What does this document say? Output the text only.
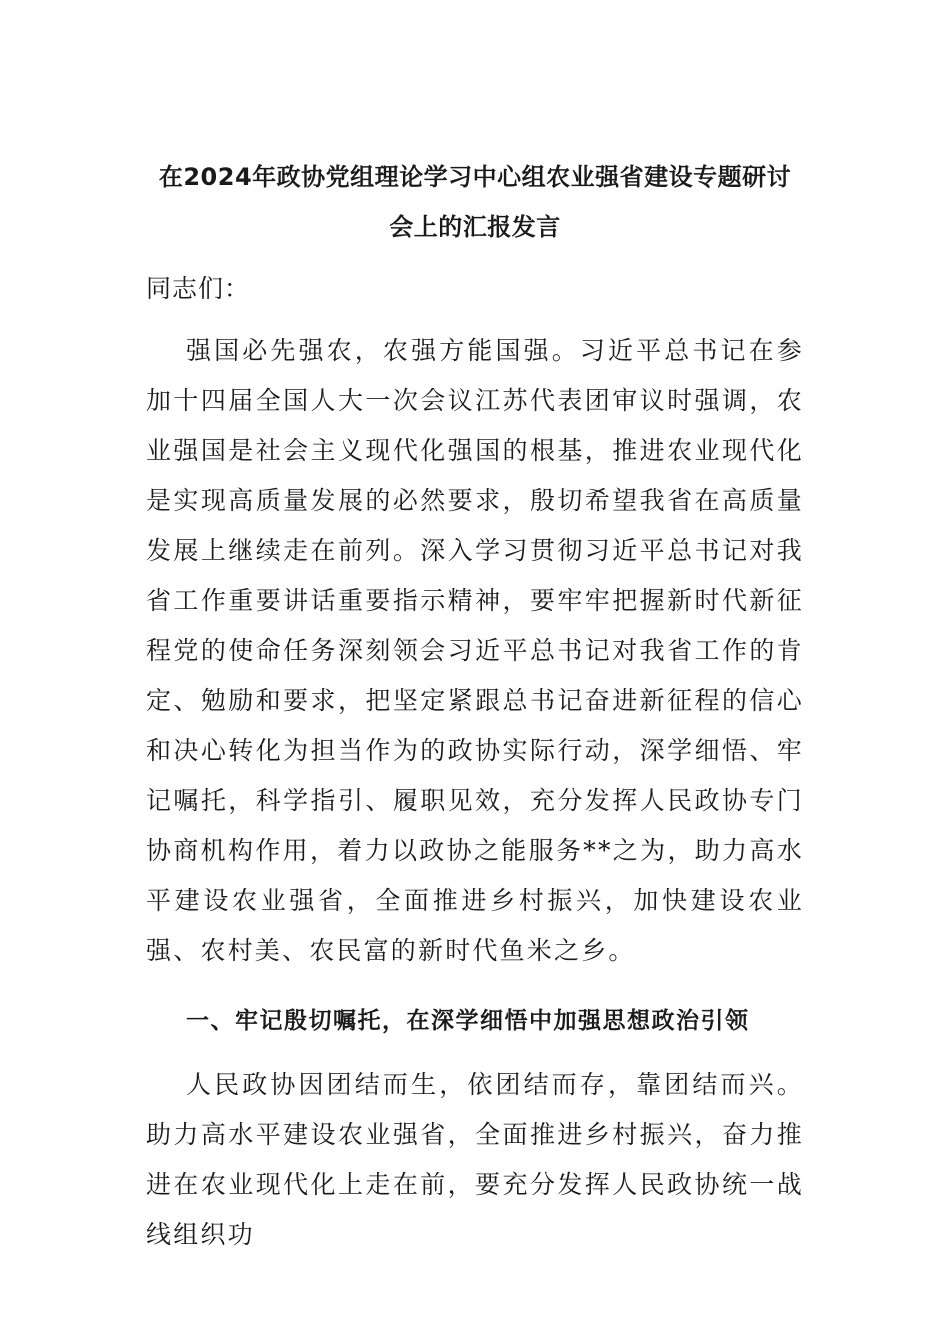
在2024年政协党组理论学习中心组农业强省建设专题研讨
会上的汇报发言

同志们：

强国必先强农，农强方能国强。习近平总书记在参加十四届全国人大一次会议江苏代表团审议时强调，农业强国是社会主义现代化强国的根基，推进农业现代化是实现高质量发展的必然要求，殷切希望我省在高质量发展上继续走在前列。深入学习贯彻习近平总书记对我省工作重要讲话重要指示精神，要牢牢把握新时代新征程党的使命任务深刻领会习近平总书记对我省工作的肯定、勉励和要求，把坚定紧跟总书记奋进新征程的信心和决心转化为担当作为的政协实际行动，深学细悟、牢记嘱托，科学指引、履职见效，充分发挥人民政协专门协商机构作用，着力以政协之能服务**之为，助力高水平建设农业强省，全面推进乡村振兴，加快建设农业强、农村美、农民富的新时代鱼米之乡。

一、牢记殷切嘱托，在深学细悟中加强思想政治引领

人民政协因团结而生，依团结而存，靠团结而兴。助力高水平建设农业强省，全面推进乡村振兴，奋力推进在农业现代化上走在前，要充分发挥人民政协统一战线组织功
